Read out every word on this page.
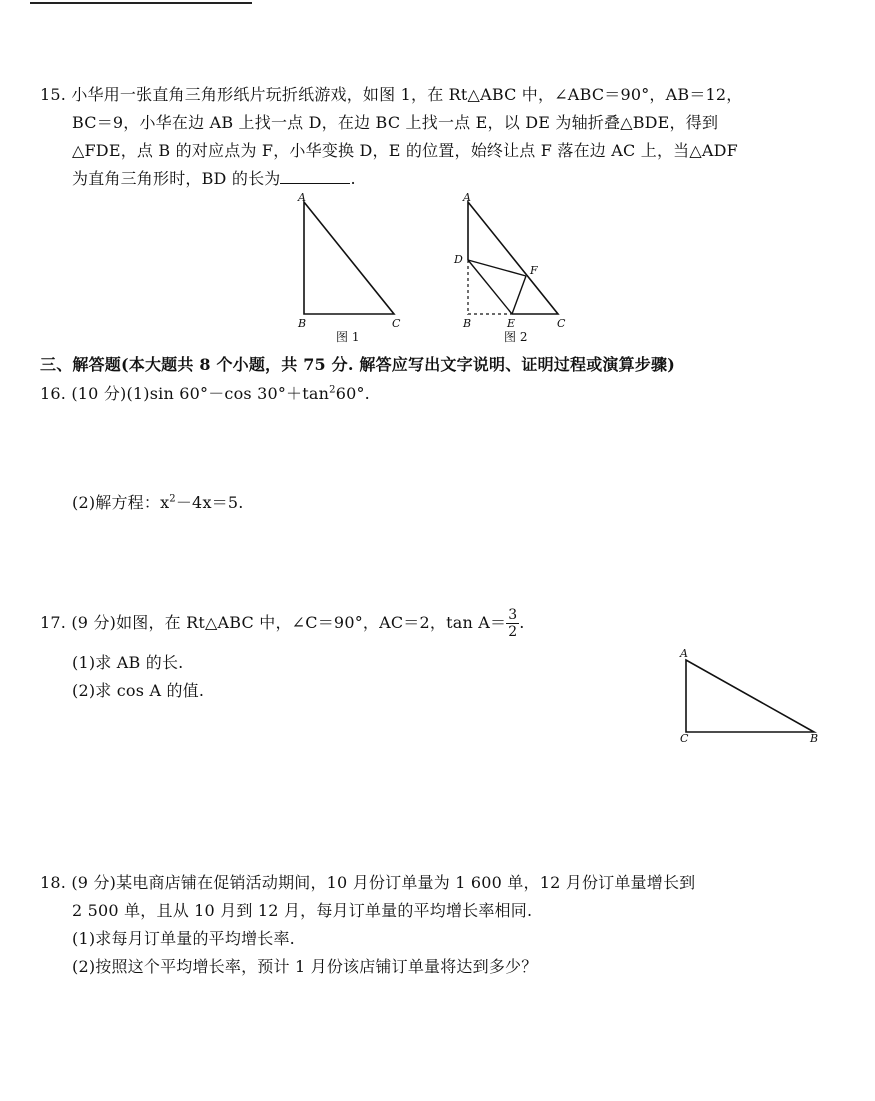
15. 小华用一张直角三角形纸片玩折纸游戏，如图 1，在 Rt△ABC 中，∠ABC＝90°，AB＝12，
BC＝9，小华在边 AB 上找一点 D，在边 BC 上找一点 E，以 DE 为轴折叠△BDE，得到
△FDE，点 B 的对应点为 F，小华变换 D，E 的位置，始终让点 F 落在边 AC 上，当△ADF
为直角三角形时，BD 的长为	.
A
B	C
图 1
A
D
F
B	E	C
图 2
三、解答题(本大题共 8 个小题，共 75 分. 解答应写出文字说明、证明过程或演算步骤)
16. (10 分)(1)sin 60°－cos $30^\circ+\tan^260^\circ$.
(2)解方程：$x^2-4x=5$.
17. (9 分)如图，在 Rt△ABC 中，∠C＝90°，AC＝2，$\tan A= \frac{3}{2}$ .
(1)求 AB 的长.
(2)求 cos A 的值.
A
C	B
18. (9 分)某电商店铺在促销活动期间，10 月份订单量为 1 600 单，12 月份订单量增长到
2 500 单，且从 10 月到 12 月，每月订单量的平均增长率相同.
(1)求每月订单量的平均增长率.
(2)按照这个平均增长率，预计 1 月份该店铺订单量将达到多少？
